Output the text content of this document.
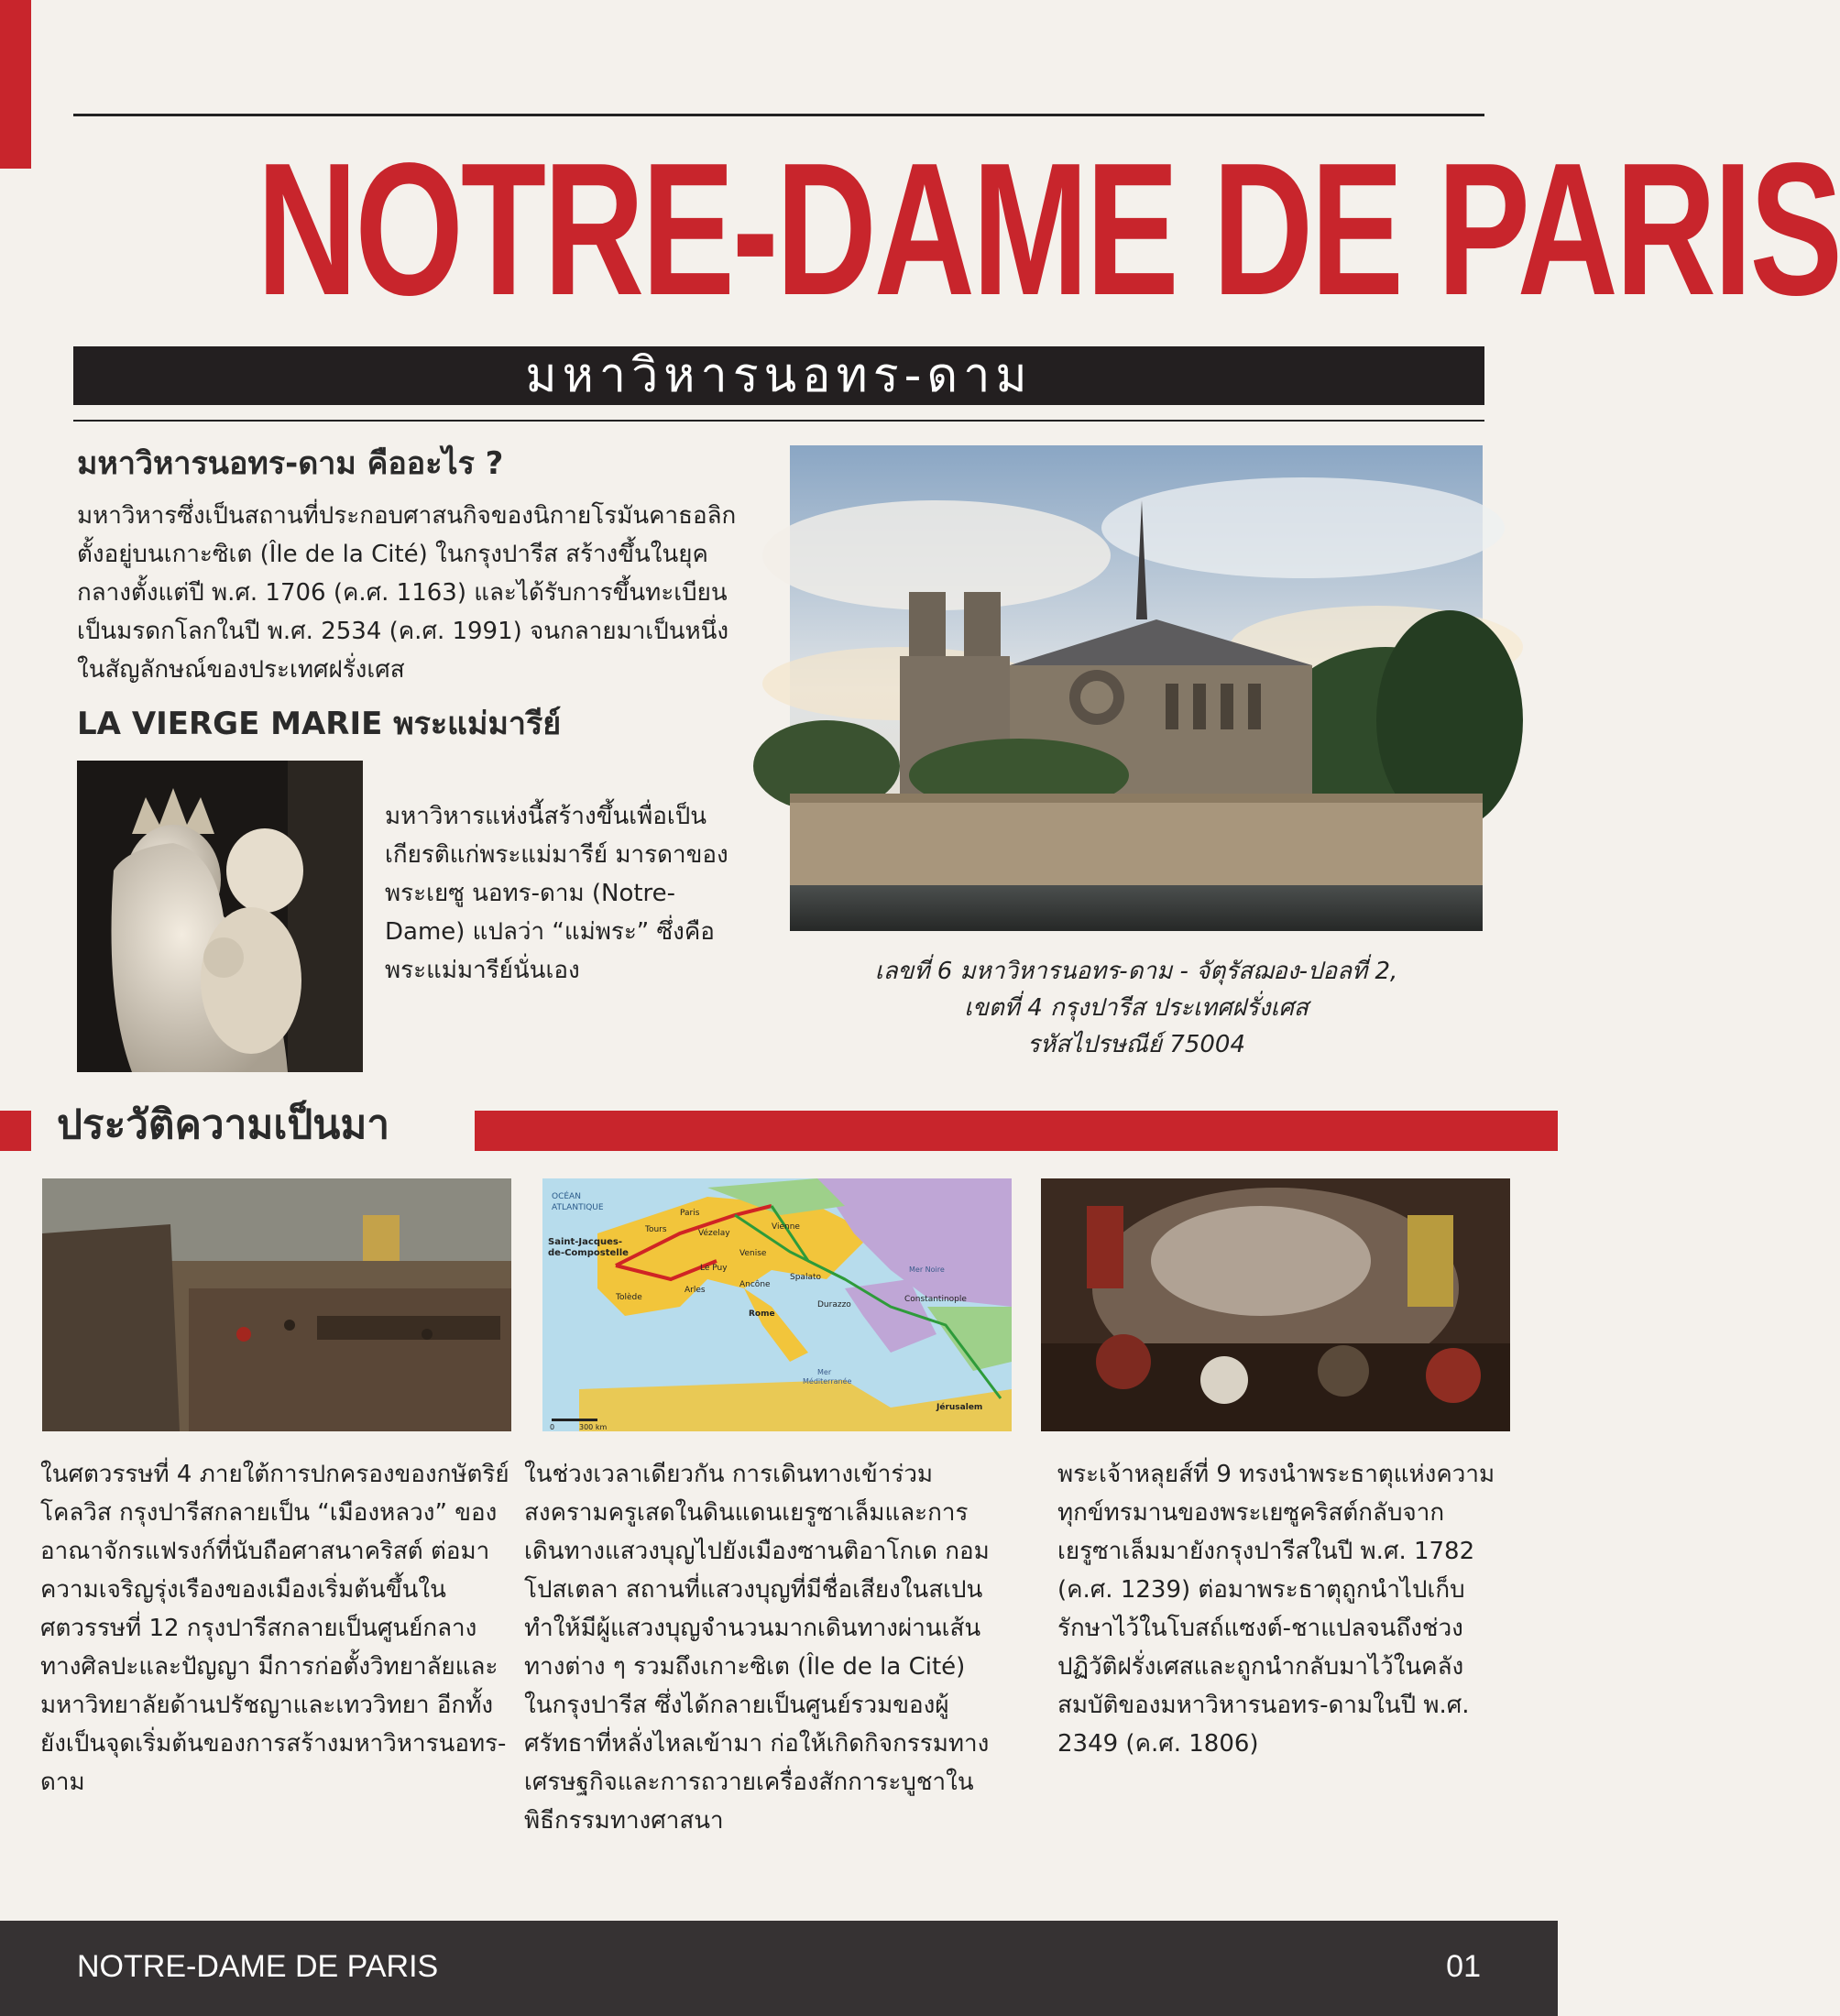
NOTRE-DAME DE PARIS
มหาวิหารนอทร-ดาม
มหาวิหารนอทร-ดาม คืออะไร ?
มหาวิหารซึ่งเป็นสถานที่ประกอบศาสนกิจของนิกายโรมันคาธอลิก ตั้งอยู่บนเกาะซิเต (Île de la Cité) ในกรุงปารีส สร้างขึ้นในยุคกลางตั้งแต่ปี พ.ศ. 1706 (ค.ศ. 1163) และได้รับการขึ้นทะเบียนเป็นมรดกโลกในปี พ.ศ. 2534 (ค.ศ. 1991) จนกลายมาเป็นหนึ่งในสัญลักษณ์ของประเทศฝรั่งเศส
LA VIERGE MARIE พระแม่มารีย์
เลขที่ 6 มหาวิหารนอทร-ดาม - จัตุรัสฌอง-ปอลที่ 2,
เขตที่ 4 กรุงปารีส ประเทศฝรั่งเศส
รหัสไปรษณีย์ 75004
มหาวิหารแห่งนี้สร้างขึ้นเพื่อเป็นเกียรติแก่พระแม่มารีย์ มารดาของพระเยซู นอทร-ดาม (Notre-Dame) แปลว่า “แม่พระ” ซึ่งคือพระแม่มารีย์นั่นเอง
ประวัติความเป็นมา
OCÉAN
ATLANTIQUE
Saint-Jacques-
de-Compostelle
Paris
Tours	Vézelay
Vienne
Le Puy
Venise
Arles
Ancône
Spalato
Tolède
Rome
Durazzo
Constantinople
Mer Noire
Mer
Méditerranée
Jérusalem
0	300 km
ในศตวรรษที่ 4 ภายใต้การปกครองของกษัตริย์โคลวิส กรุงปารีสกลายเป็น “เมืองหลวง” ของอาณาจักรแฟรงก์ที่นับถือศาสนาคริสต์ ต่อมาความเจริญรุ่งเรืองของเมืองเริ่มต้นขึ้นในศตวรรษที่ 12 กรุงปารีสกลายเป็นศูนย์กลางทางศิลปะและปัญญา มีการก่อตั้งวิทยาลัยและมหาวิทยาลัยด้านปรัชญาและเทววิทยา อีกทั้งยังเป็นจุดเริ่มต้นของการสร้างมหาวิหารนอทร-ดาม
ในช่วงเวลาเดียวกัน การเดินทางเข้าร่วมสงครามครูเสดในดินแดนเยรูซาเล็มและการเดินทางแสวงบุญไปยังเมืองซานติอาโกเด กอมโปสเตลา สถานที่แสวงบุญที่มีชื่อเสียงในสเปน ทำให้มีผู้แสวงบุญจำนวนมากเดินทางผ่านเส้นทางต่าง ๆ รวมถึงเกาะซิเต (Île de la Cité) ในกรุงปารีส ซึ่งได้กลายเป็นศูนย์รวมของผู้ศรัทธาที่หลั่งไหลเข้ามา ก่อให้เกิดกิจกรรมทางเศรษฐกิจและการถวายเครื่องสักการะบูชาในพิธีกรรมทางศาสนา
พระเจ้าหลุยส์ที่ 9 ทรงนำพระธาตุแห่งความทุกข์ทรมานของพระเยซูคริสต์กลับจากเยรูซาเล็มมายังกรุงปารีสในปี พ.ศ. 1782 (ค.ศ. 1239) ต่อมาพระธาตุถูกนำไปเก็บรักษาไว้ในโบสถ์แซงต์-ชาแปลจนถึงช่วงปฏิวัติฝรั่งเศสและถูกนำกลับมาไว้ในคลังสมบัติของมหาวิหารนอทร-ดามในปี พ.ศ. 2349 (ค.ศ. 1806)
NOTRE-DAME DE PARIS	01
